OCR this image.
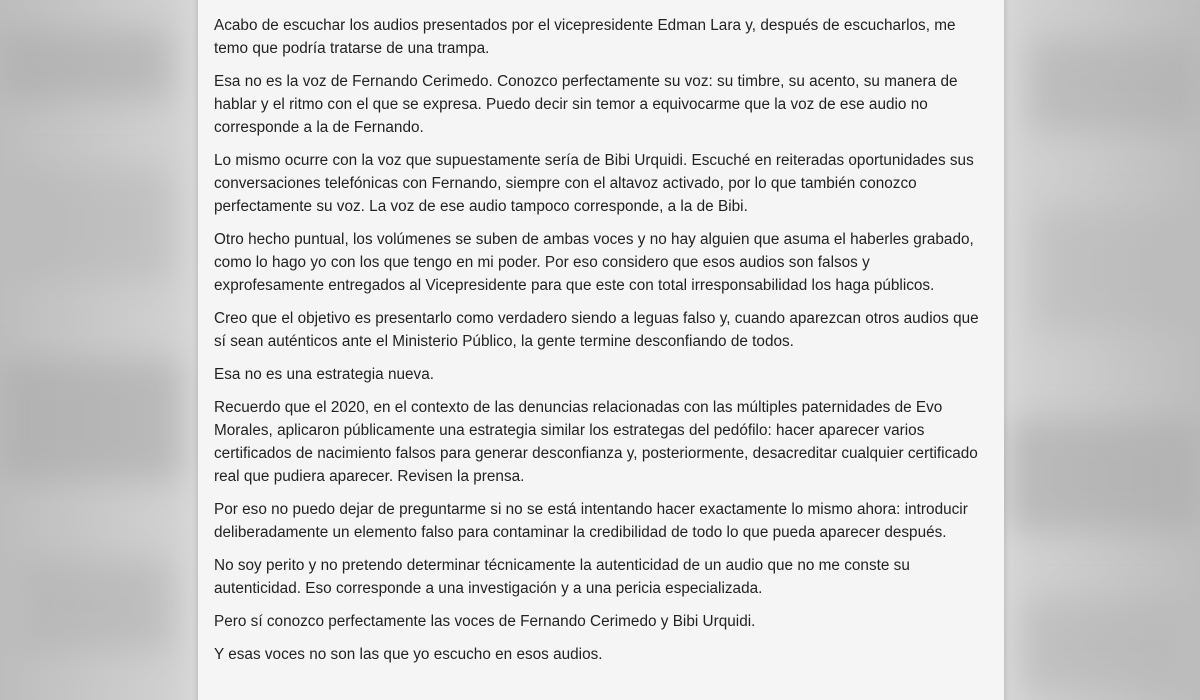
Acabo de escuchar los audios presentados por el vicepresidente Edman Lara y, después de escucharlos, me temo que podría tratarse de una trampa.

Esa no es la voz de Fernando Cerimedo. Conozco perfectamente su voz: su timbre, su acento, su manera de hablar y el ritmo con el que se expresa. Puedo decir sin temor a equivocarme que la voz de ese audio no corresponde a la de Fernando.

Lo mismo ocurre con la voz que supuestamente sería de Bibi Urquidi. Escuché en reiteradas oportunidades sus conversaciones telefónicas con Fernando, siempre con el altavoz activado, por lo que también conozco perfectamente su voz. La voz de ese audio tampoco corresponde, a la de Bibi.

Otro hecho puntual, los volúmenes se suben de ambas voces y no hay alguien que asuma el haberles grabado, como lo hago yo con los que tengo en mi poder. Por eso considero que esos audios son falsos y exprofesamente entregados al Vicepresidente para que este con total irresponsabilidad los haga públicos.

Creo que el objetivo es presentarlo como verdadero siendo a leguas falso y, cuando aparezcan otros audios que sí sean auténticos ante el Ministerio Público, la gente termine desconfiando de todos.

Esa no es una estrategia nueva.

Recuerdo que el 2020, en el contexto de las denuncias relacionadas con las múltiples paternidades de Evo Morales, aplicaron públicamente una estrategia similar los estrategas del pedófilo: hacer aparecer varios certificados de nacimiento falsos para generar desconfianza y, posteriormente, desacreditar cualquier certificado real que pudiera aparecer. Revisen la prensa.

Por eso no puedo dejar de preguntarme si no se está intentando hacer exactamente lo mismo ahora: introducir deliberadamente un elemento falso para contaminar la credibilidad de todo lo que pueda aparecer después.

No soy perito y no pretendo determinar técnicamente la autenticidad de un audio que no me conste su autenticidad. Eso corresponde a una investigación y a una pericia especializada.

Pero sí conozco perfectamente las voces de Fernando Cerimedo y Bibi Urquidi.

Y esas voces no son las que yo escucho en esos audios.
